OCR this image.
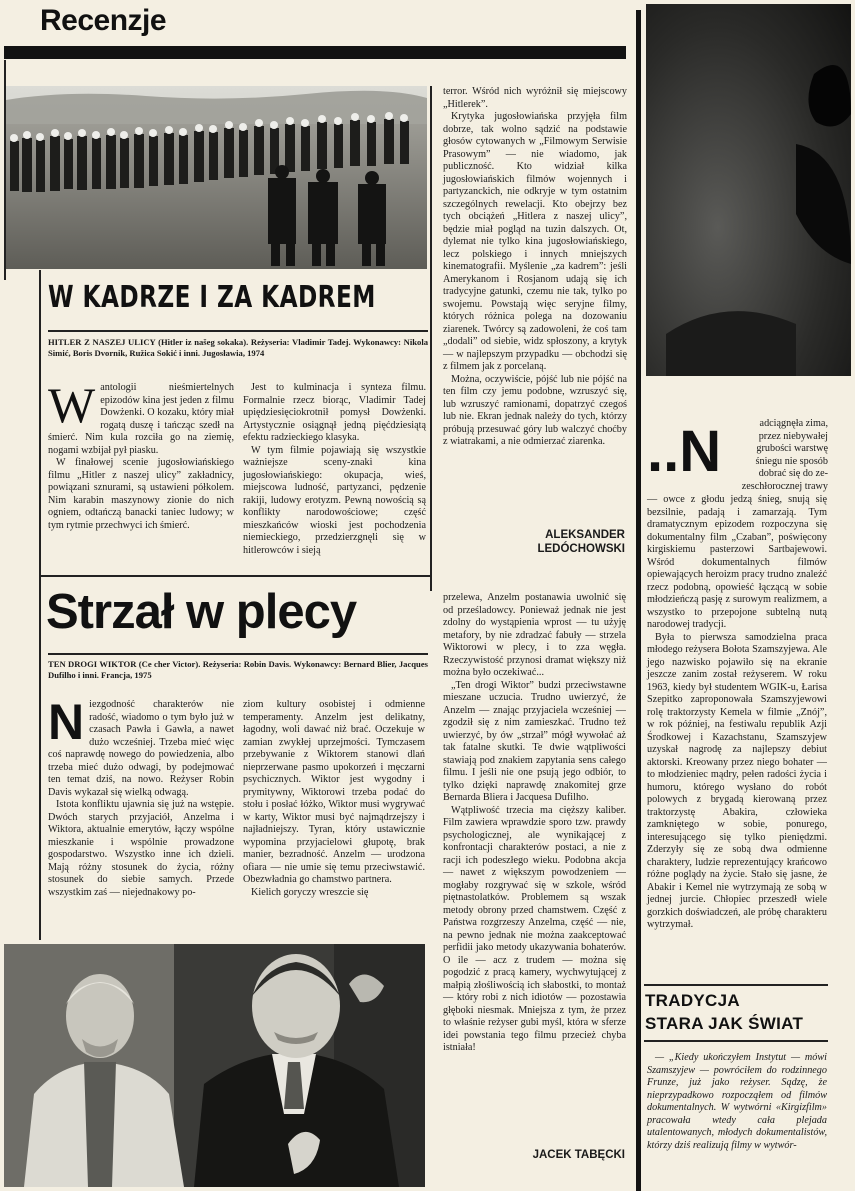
Recenzje
W KADRZE I ZA KADREM
HITLER Z NASZEJ ULICY (Hitler iz našeg sokaka). Reżyseria: Vladimir Tadej. Wykonawcy: Nikola Simić, Boris Dvornik, Ružica Sokić i inni. Jugosławia, 1974
W antologii nieśmiertelnych epizodów kina jest jeden z filmu Dowżenki. O kozaku, który miał rogatą duszę i tańcząc szedł na śmierć. Nim kula rozciła go na ziemię, nogami wzbijał pył piasku.

W finałowej scenie jugosłowiańskiego filmu „Hitler z naszej ulicy” zakładnicy, powiązani sznurami, są ustawieni półkolem. Nim karabin maszynowy zionie do nich ogniem, odtańczą banacki taniec ludowy; w tym rytmie przechwyci ich śmierć.

Jest to kulminacja i synteza filmu. Formalnie rzecz biorąc, Vladimir Tadej upiędziesięciokrotnił pomysł Dowżenki. Artystycznie osiągnął jedną pięćdziesiątą efektu radzieckiego klasyka.

W tym filmie pojawiają się wszystkie ważniejsze sceny-znaki kina jugosłowiańskiego: okupacja, wieś, miejscowa ludność, partyzanci, pędzenie rakiji, ludowy erotyzm. Pewną nowością są konflikty narodowościowe; część mieszkańców wioski jest pochodzenia niemieckiego, przedzierzgnęli się w hitlerowców i sieją

terror. Wśród nich wyróżnił się miejscowy „Hitlerek”.

Krytyka jugosłowiańska przyjęła film dobrze, tak wolno sądzić na podstawie głosów cytowanych w „Filmowym Serwisie Prasowym” — nie wiadomo, jak publiczność. Kto widział kilka jugosłowiańskich filmów wojennych i partyzanckich, nie odkryje w tym ostatnim szczególnych rewelacji. Kto obejrzy bez tych obciążeń „Hitlera z naszej ulicy”, będzie miał pogląd na tuzin dalszych. Ot, dylemat nie tylko kina jugosłowiańskiego, lecz polskiego i innych mniejszych kinematografii. Myślenie „za kadrem”: jeśli Amerykanom i Rosjanom udają się ich tradycyjne gatunki, czemu nie tak, tylko po swojemu. Powstają więc seryjne filmy, których różnica polega na dozowaniu ziarenek. Twórcy są zadowoleni, że coś tam „dodali” od siebie, widz spłoszony, a krytyk — w najlepszym przypadku — obchodzi się z filmem jak z porcelaną.

Można, oczywiście, pójść lub nie pójść na ten film czy jemu podobne, wzruszyć się, lub wzruszyć ramionami, dopatrzyć czegoś lub nie. Ekran jednak należy do tych, którzy próbują przesuwać góry lub walczyć choćby z wiatrakami, a nie odmierzać ziarenka.

ALEKSANDER
LEDÓCHOWSKI
Strzał w plecy
TEN DROGI WIKTOR (Ce cher Victor). Reżyseria: Robin Davis. Wykonawcy: Bernard Blier, Jacques Dufilho i inni. Francja, 1975
N iezgodność charakterów nie radość, wiadomo o tym było już w czasach Pawła i Gawła, a nawet dużo wcześniej. Trzeba mieć więc coś naprawdę nowego do powiedzenia, albo trzeba mieć dużo odwagi, by podejmować ten temat dziś, na nowo. Reżyser Robin Davis wykazał się wielką odwagą.

Istota konfliktu ujawnia się już na wstępie. Dwóch starych przyjaciół, Anzelma i Wiktora, aktualnie emerytów, łączy wspólne mieszkanie i wspólnie prowadzone gospodarstwo. Wszystko inne ich dzieli. Mają różny stosunek do życia, różny stosunek do siebie samych. Przede wszystkim zaś — niejednakowy po-

ziom kultury osobistej i odmienne temperamenty. Anzelm jest delikatny, łagodny, woli dawać niż brać. Oczekuje w zamian zwykłej uprzejmości. Tymczasem przebywanie z Wiktorem stanowi dlań nieprzerwane pasmo upokorzeń i męczarni psychicznych. Wiktor jest wygodny i prymitywny, Wiktorowi trzeba podać do stołu i posłać łóżko, Wiktor musi wygrywać w karty, Wiktor musi być najmądrzejszy i najładniejszy. Tyran, który ustawicznie wypomina przyjacielowi głupotę, brak manier, bezradność. Anzelm — urodzona ofiara — nie umie się temu przeciwstawić. Obezwładnia go chamstwo partnera.

Kielich goryczy wreszcie się

przelewa, Anzelm postanawia uwolnić się od prześladowcy. Ponieważ jednak nie jest zdolny do wystąpienia wprost — tu użyję metafory, by nie zdradzać fabuły — strzela Wiktorowi w plecy, i to zza węgła. Rzeczywistość przynosi dramat większy niż można było oczekiwać...

„Ten drogi Wiktor” budzi przeciwstawne mieszane uczucia. Trudno uwierzyć, że Anzelm — znając przyjaciela wcześniej — zgodził się z nim zamieszkać. Trudno też uwierzyć, by ów „strzał” mógł wywołać aż tak fatalne skutki. Te dwie wątpliwości stawiają pod znakiem zapytania sens całego filmu. I jeśli nie one psują jego odbiór, to tylko dzięki naprawdę znakomitej grze Bernarda Bliera i Jacquesa Dufilho.

Wątpliwość trzecia ma cięższy kaliber. Film zawiera wprawdzie sporo tzw. prawdy psychologicznej, ale wynikającej z konfrontacji charakterów postaci, a nie z racji ich podeszłego wieku. Podobna akcja — nawet z większym powodzeniem — mogłaby rozgrywać się w szkole, wśród piętnastolatków. Problemem są wszak metody obrony przed chamstwem. Część z Państwa rozgrzeszy Anzelma, część — nie, na pewno jednak nie można zaakceptować perfidii jako metody ukazywania bohaterów. O ile — acz z trudem — można się pogodzić z pracą kamery, wychwytującej z małpią złośliwością ich słabostki, to montaż — który robi z nich idiotów — pozostawia głęboki niesmak. Mniejsza z tym, że przez to właśnie reżyser gubi myśl, która w sferze idei powstania tego filmu przecież chyba istniała!

JACEK TABĘCKI
..N	adciągnęła zima,
przez niebywałej
grubości warstwę
śniegu nie sposób
dobrać się do ze-
zeschłorocznej trawy

— owce z głodu jedzą śnieg, snują się bezsilnie, padają i zamarzają. Tym dramatycznym epizodem rozpoczyna się dokumentalny film „Czaban”, poświęcony kirgiskiemu pasterzowi Sartbajewowi. Wśród dokumentalnych filmów opiewających heroizm pracy trudno znaleźć rzecz podobną, opowieść łączącą w sobie młodzieńczą pasję z surowym realizmem, a wszystko to przepojone subtelną nutą narodowej tradycji.

Była to pierwsza samodzielna praca młodego reżysera Bołota Szamszyjewa. Ale jego nazwisko pojawiło się na ekranie jeszcze zanim został reżyserem. W roku 1963, kiedy był studentem WGIK-u, Łarisa Szepitko zaproponowała Szamszyjewowi rolę traktorzysty Kemela w filmie „Znój”, w rok później, na festiwalu republik Azji Środkowej i Kazachstanu, Szamszyjew uzyskał nagrodę za najlepszy debiut aktorski. Kreowany przez niego bohater — to młodzieniec mądry, pełen radości życia i humoru, którego wysłano do robót polowych z brygadą kierowaną przez traktorzystę Abakira, człowieka zamkniętego w sobie, ponurego, interesującego się tylko pieniędzmi. Zderzyły się ze sobą dwa odmienne charaktery, ludzie reprezentujący krańcowo różne poglądy na życie. Stało się jasne, że Abakir i Kemel nie wytrzymają ze sobą w jednej jurcie. Chłopiec przeszedł wiele gorzkich doświadczeń, ale próbę charakteru wytrzymał.

TRADYCJA
STARA JAK ŚWIAT
— „Kiedy ukończyłem Instytut — mówi Szamszyjew — powróciłem do rodzinnego Frunze, już jako reżyser. Sądzę, że nieprzypadkowo rozpocząłem od filmów dokumentalnych. W wytwórni «Kirgizfilm» pracowała wtedy cała plejada utalentowanych, młodych dokumentalistów, którzy dziś realizują filmy w wytwór-
